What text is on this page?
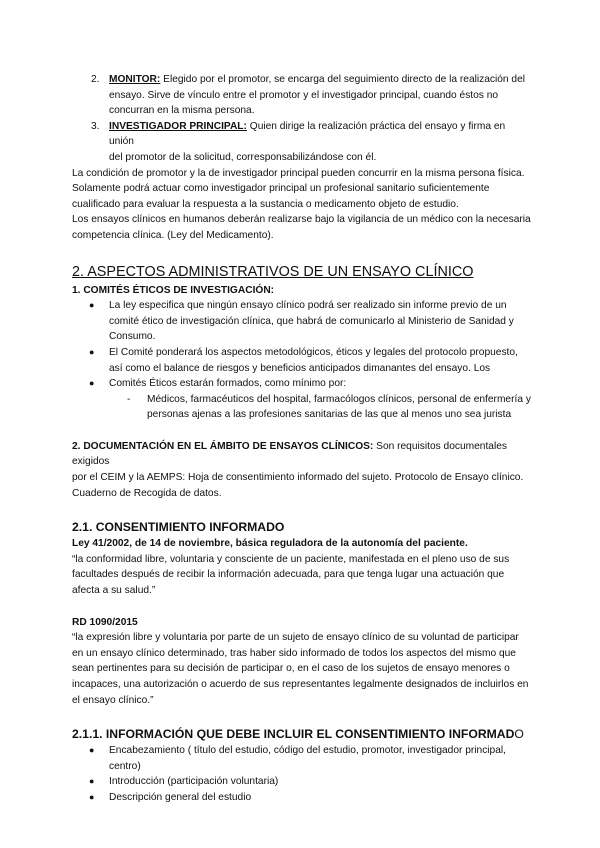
2. MONITOR: Elegido por el promotor, se encarga del seguimiento directo de la realización del

ensayo. Sirve de vínculo entre el promotor y el investigador principal, cuando éstos no

concurran en la misma persona.

3. INVESTIGADOR PRINCIPAL: Quien dirige la realización práctica del ensayo y firma en unión

del promotor de la solicitud, corresponsabilizándose con él.

La condición de promotor y la de investigador principal pueden concurrir en la misma persona física.

Solamente podrá actuar como investigador principal un profesional sanitario suficientemente

cualificado para evaluar la respuesta a la sustancia o medicamento objeto de estudio.

Los ensayos clínicos en humanos deberán realizarse bajo la vigilancia de un médico con la necesaria

competencia clínica. (Ley del Medicamento).

2. ASPECTOS ADMINISTRATIVOS DE UN ENSAYO CLÍNICO

1. COMITÉS ÉTICOS DE INVESTIGACIÓN:

● La ley especifica que ningún ensayo clínico podrá ser realizado sin informe previo de un

comité ético de investigación clínica, que habrá de comunicarlo al Ministerio de Sanidad y

Consumo.

● El Comité ponderará los aspectos metodológicos, éticos y legales del protocolo propuesto,

así como el balance de riesgos y beneficios anticipados dimanantes del ensayo. Los

● Comités Éticos estarán formados, como mínimo por:

- Médicos, farmacéuticos del hospital, farmacólogos clínicos, personal de enfermería y

personas ajenas a las profesiones sanitarias de las que al menos uno sea jurista

2. DOCUMENTACIÓN EN EL ÁMBITO DE ENSAYOS CLÍNICOS: Son requisitos documentales exigidos

por el CEIM y la AEMPS: Hoja de consentimiento informado del sujeto. Protocolo de Ensayo clínico.

Cuaderno de Recogida de datos.

2.1. CONSENTIMIENTO INFORMADO

Ley 41/2002, de 14 de noviembre, básica reguladora de la autonomía del paciente.

“la conformidad libre, voluntaria y consciente de un paciente, manifestada en el pleno uso de sus

facultades después de recibir la información adecuada, para que tenga lugar una actuación que

afecta a su salud.”

RD 1090/2015

“la expresión libre y voluntaria por parte de un sujeto de ensayo clínico de su voluntad de participar

en un ensayo clínico determinado, tras haber sido informado de todos los aspectos del mismo que

sean pertinentes para su decisión de participar o, en el caso de los sujetos de ensayo menores o

incapaces, una autorización o acuerdo de sus representantes legalmente designados de incluirlos en

el ensayo clínico.”

2.1.1. INFORMACIÓN QUE DEBE INCLUIR EL CONSENTIMIENTO INFORMADO

● Encabezamiento ( título del estudio, código del estudio, promotor, investigador principal,

centro)

● Introducción (participación voluntaria)

● Descripción general del estudio
